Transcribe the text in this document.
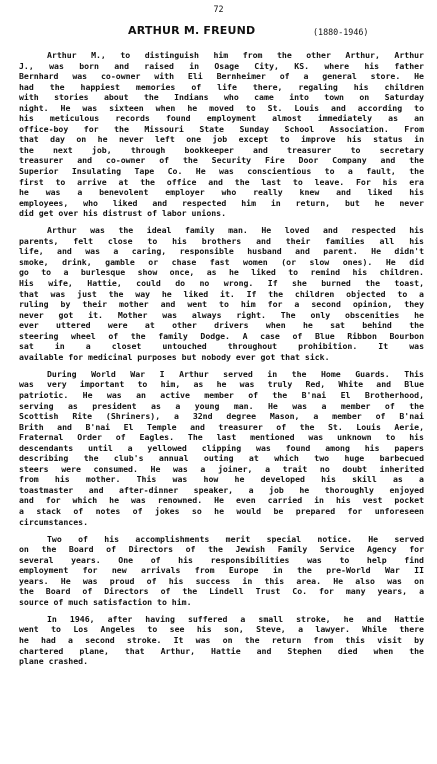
72
ARTHUR M. FREUND	(1880-1946)
Arthur M., to distinguish him from the other Arthur, Arthur
J., was born and raised in Osage City, KS. where his father
Bernhard was co-owner with Eli Bernheimer of a general store. He
had the happiest memories of life there, regaling his children
with stories about the Indians who came into town on Saturday
night. He was sixteen when he moved to St. Louis and according to
his meticulous records found employment almost immediately as an
office-boy for the Missouri State Sunday School Association. From
that day on he never left one job except to improve his status in
the next job, through bookkeeper and treasurer to secretary
treasurer and co-owner of the Security Fire Door Company and the
Superior Insulating Tape Co. He was conscientious to a fault, the
first to arrive at the office and the last to leave. For his era
he was a benevolent employer who really knew and liked his
employees, who liked and respected him in return, but he never
did get over his distrust of labor unions.
Arthur was the ideal family man. He loved and respected his
parents, felt close to his brothers and their families all his
life, and was a caring, responsible husband and parent. He didn't
smoke, drink, gamble or chase fast women (or slow ones). He did
go to a burlesque show once, as he liked to remind his children.
His wife, Hattie, could do no wrong. If she burned the toast,
that was just the way he liked it. If the children objected to a
ruling by their mother and went to him for a second opinion, they
never got it. Mother was always right. The only obscenities he
ever uttered were at other drivers when he sat behind the
steering wheel of the family Dodge. A case of Blue Ribbon Bourbon
sat in a closet untouched throughout prohibition. It was
available for medicinal purposes but nobody ever got that sick.
During World War I Arthur served in the Home Guards. This
was very important to him, as he was truly Red, White and Blue
patriotic. He was an active member of the B'nai El Brotherhood,
serving as president as a young man. He was a member of the
Scottish Rite (Shriners), a 32nd degree Mason, a member of B'nai
Brith and B'nai El Temple and treasurer of the St. Louis Aerie,
Fraternal Order of Eagles. The last mentioned was unknown to his
descendants until a yellowed clipping was found among his papers
describing the club's annual outing at which two huge barbecued
steers were consumed. He was a joiner, a trait no doubt inherited
from his mother. This was how he developed his skill as a
toastmaster and after-dinner speaker, a job he thoroughly enjoyed
and for which he was renowned. He even carried in his vest pocket
a stack of notes of jokes so he would be prepared for unforeseen
circumstances.
Two of his accomplishments merit special notice. He served
on the Board of Directors of the Jewish Family Service Agency for
several years. One of his responsibilities was to help find
employment for new arrivals from Europe in the pre-World War II
years. He was proud of his success in this area. He also was on
the Board of Directors of the Lindell Trust Co. for many years, a
source of much satisfaction to him.
In 1946, after having suffered a small stroke, he and Hattie
went to Los Angeles to see his son, Steve, a lawyer. While there
he had a second stroke. It was on the return from this visit by
chartered plane, that Arthur, Hattie and Stephen died when the
plane crashed.
